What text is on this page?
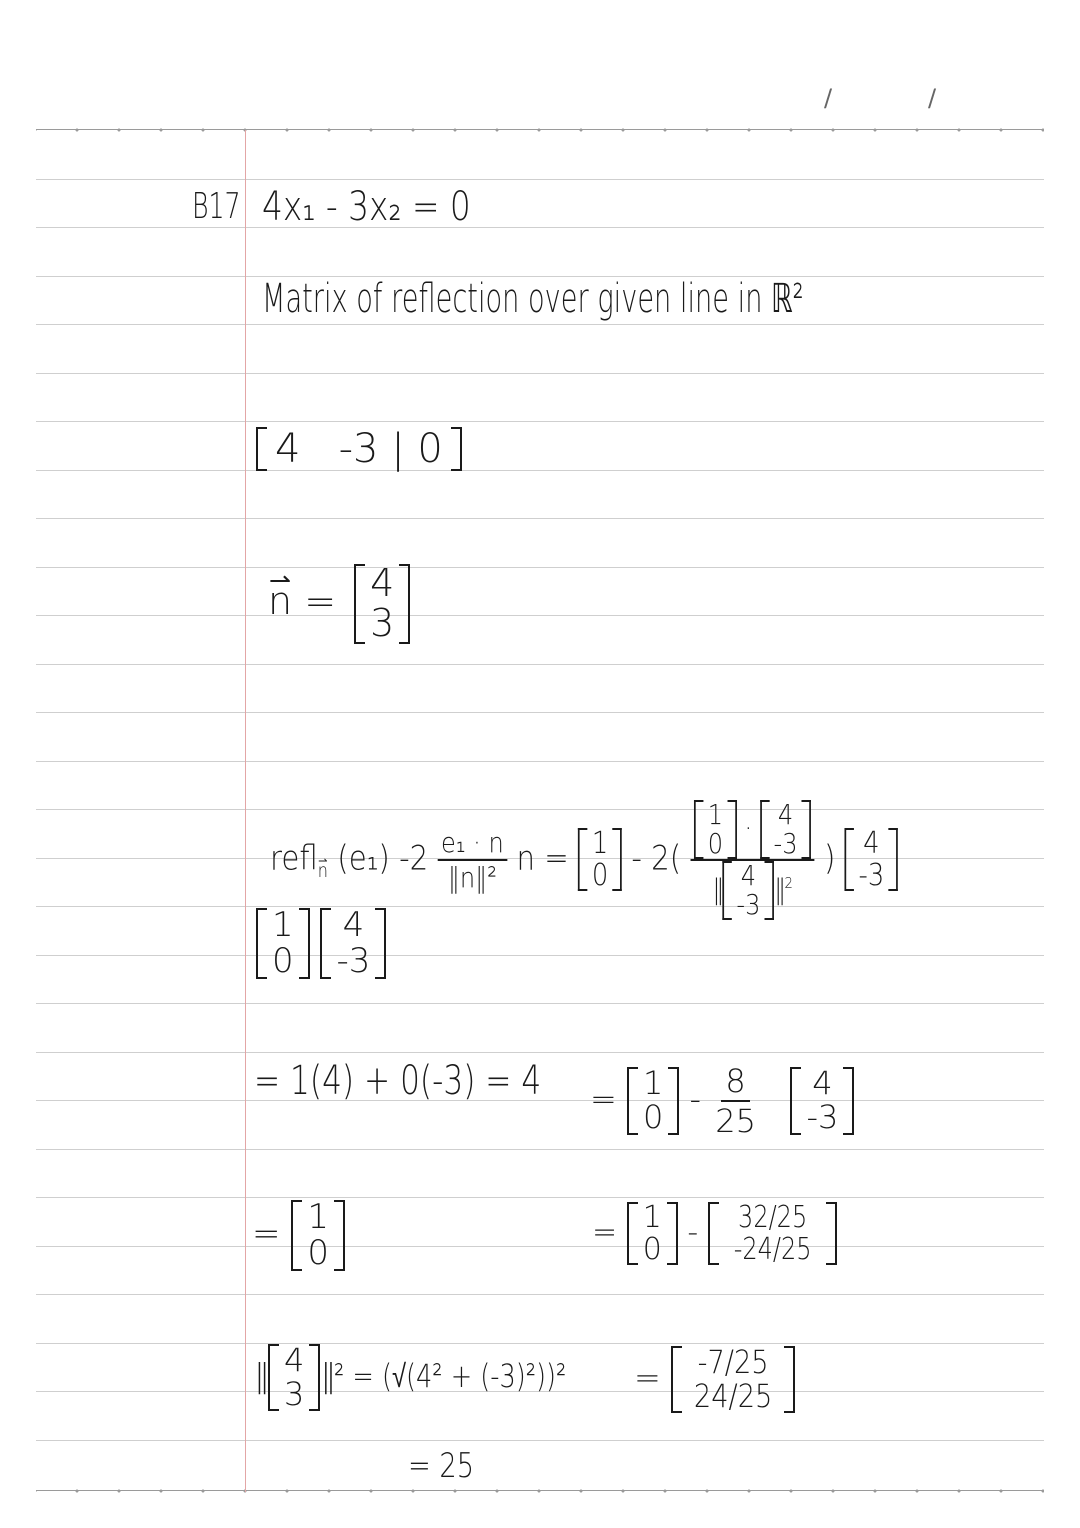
/	/
B17 4x₁ - 3x₂ = 0
Matrix of reflection over given line in ℝ²
4 -3 | 0
⇀ n = 4
3
refl⇀ n (e₁) $-2 \frac{\text{e₁ · n}}{\text{‖n‖²}}$ n = 1
0 - 2( 1
0 · 4
-3
‖ 4
-3 ‖$^2$ ) 4
-3
1
0

4
-3
= 1(4) + 0(-3) = 4 = 1
$0 - \frac{8}{25}$
4
-3
= 1
0
= 1
0 - 32/25
-24/25
‖ 4
3 ‖² = (√(4² + (-3)²))²
= 25
= -7/25
24/25
